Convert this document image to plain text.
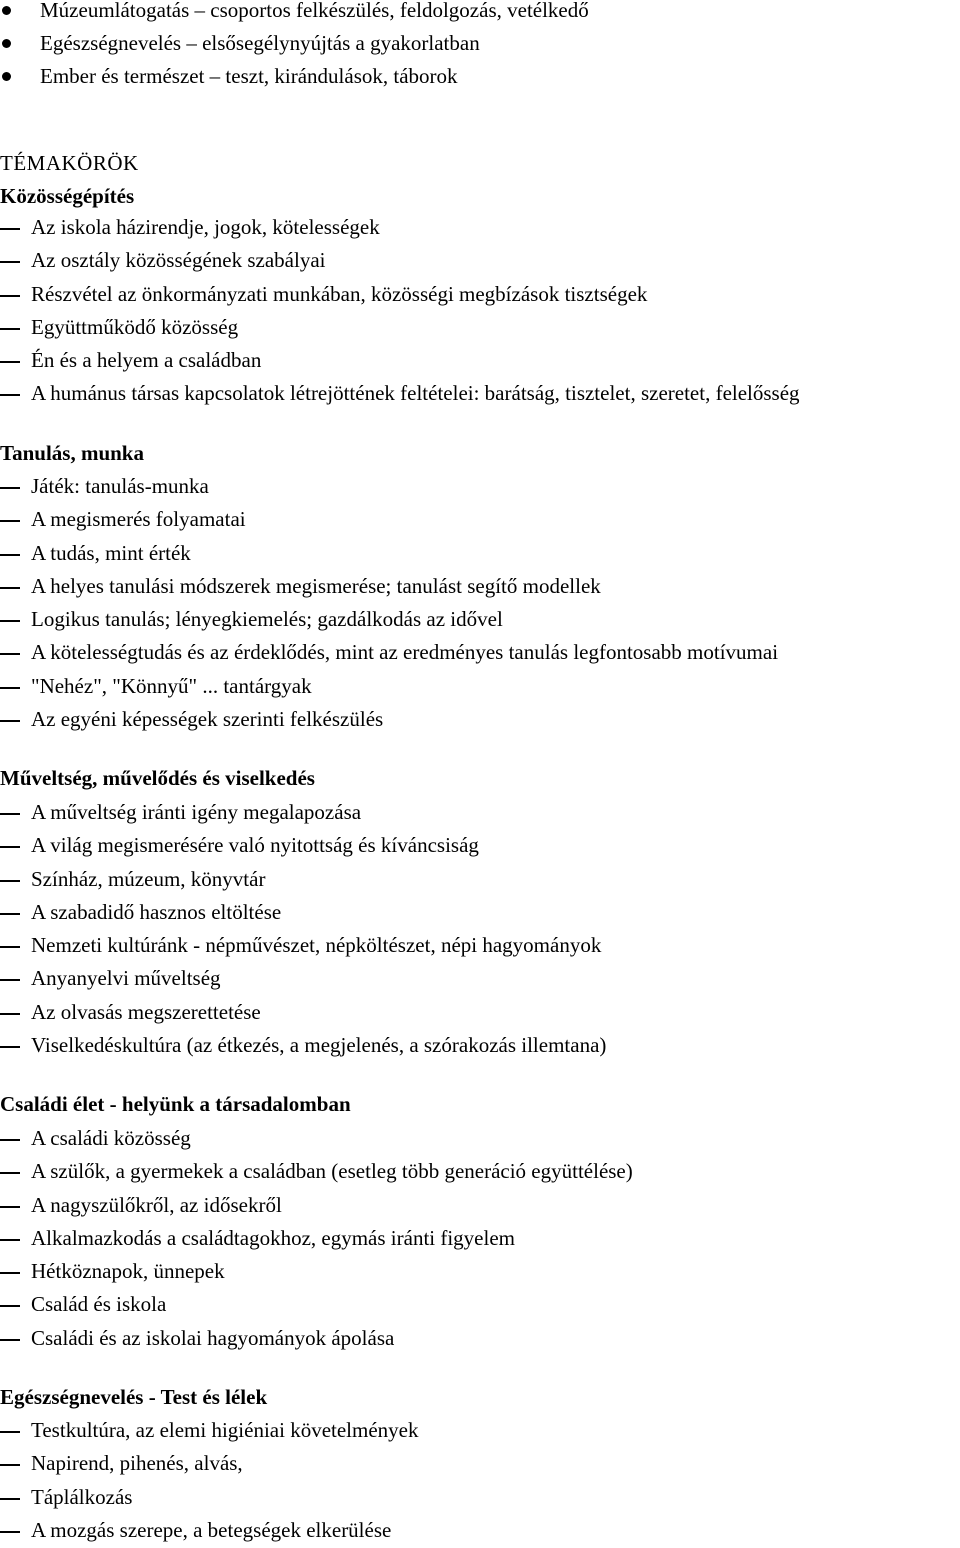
Múzeumlátogatás – csoportos felkészülés, feldolgozás, vetélkedő
Egészségnevelés – elsősegélynyújtás a gyakorlatban
Ember és természet – teszt, kirándulások, táborok
TÉMAKÖRÖK
Közösségépítés
Az iskola házirendje, jogok, kötelességek
Az osztály közösségének szabályai
Részvétel az önkormányzati munkában, közösségi megbízások tisztségek
Együttműködő közösség
Én és a helyem a családban
A humánus társas kapcsolatok létrejöttének feltételei: barátság, tisztelet, szeretet, felelősség
Tanulás, munka
Játék: tanulás-munka
A megismerés folyamatai
A tudás, mint érték
A helyes tanulási módszerek megismerése; tanulást segítő modellek
Logikus tanulás; lényegkiemelés; gazdálkodás az idővel
A kötelességtudás és az érdeklődés, mint az eredményes tanulás legfontosabb motívumai
"Nehéz", "Könnyű" ... tantárgyak
Az egyéni képességek szerinti felkészülés
Műveltség, művelődés és viselkedés
A műveltség iránti igény megalapozása
A világ megismerésére való nyitottság és kíváncsiság
Színház, múzeum, könyvtár
A szabadidő hasznos eltöltése
Nemzeti kultúránk - népművészet, népköltészet, népi hagyományok
Anyanyelvi műveltség
Az olvasás megszerettetése
Viselkedéskultúra (az étkezés, a megjelenés, a szórakozás illemtana)
Családi élet - helyünk a társadalomban
A családi közösség
A szülők, a gyermekek a családban (esetleg több generáció együttélése)
A nagyszülőkről, az idősekről
Alkalmazkodás a családtagokhoz, egymás iránti figyelem
Hétköznapok, ünnepek
Család és iskola
Családi és az iskolai hagyományok ápolása
Egészségnevelés - Test és lélek
Testkultúra, az elemi higiéniai követelmények
Napirend, pihenés, alvás,
Táplálkozás
A mozgás szerepe, a betegségek elkerülése
